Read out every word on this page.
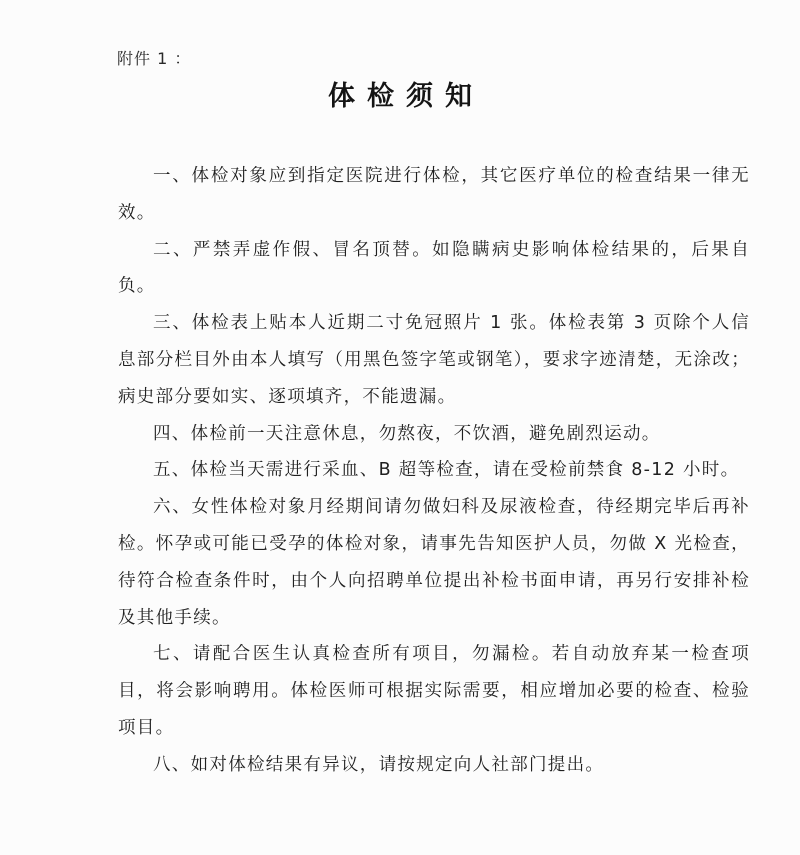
附件 1 ：
体检须知

一、体检对象应到指定医院进行体检，其它医疗单位的检查结果一律无效。

二、严禁弄虚作假、冒名顶替。如隐瞒病史影响体检结果的，后果自负。

三、体检表上贴本人近期二寸免冠照片 1 张。体检表第 3 页除个人信息部分栏目外由本人填写（用黑色签字笔或钢笔），要求字迹清楚，无涂改；病史部分要如实、逐项填齐，不能遗漏。

四、体检前一天注意休息，勿熬夜，不饮酒，避免剧烈运动。

五、体检当天需进行采血、B 超等检查，请在受检前禁食 8-12 小时。

六、女性体检对象月经期间请勿做妇科及尿液检查，待经期完毕后再补检。怀孕或可能已受孕的体检对象，请事先告知医护人员，勿做 X 光检查，待符合检查条件时，由个人向招聘单位提出补检书面申请，再另行安排补检及其他手续。

七、请配合医生认真检查所有项目，勿漏检。若自动放弃某一检查项目，将会影响聘用。体检医师可根据实际需要，相应增加必要的检查、检验项目。

八、如对体检结果有异议，请按规定向人社部门提出。
